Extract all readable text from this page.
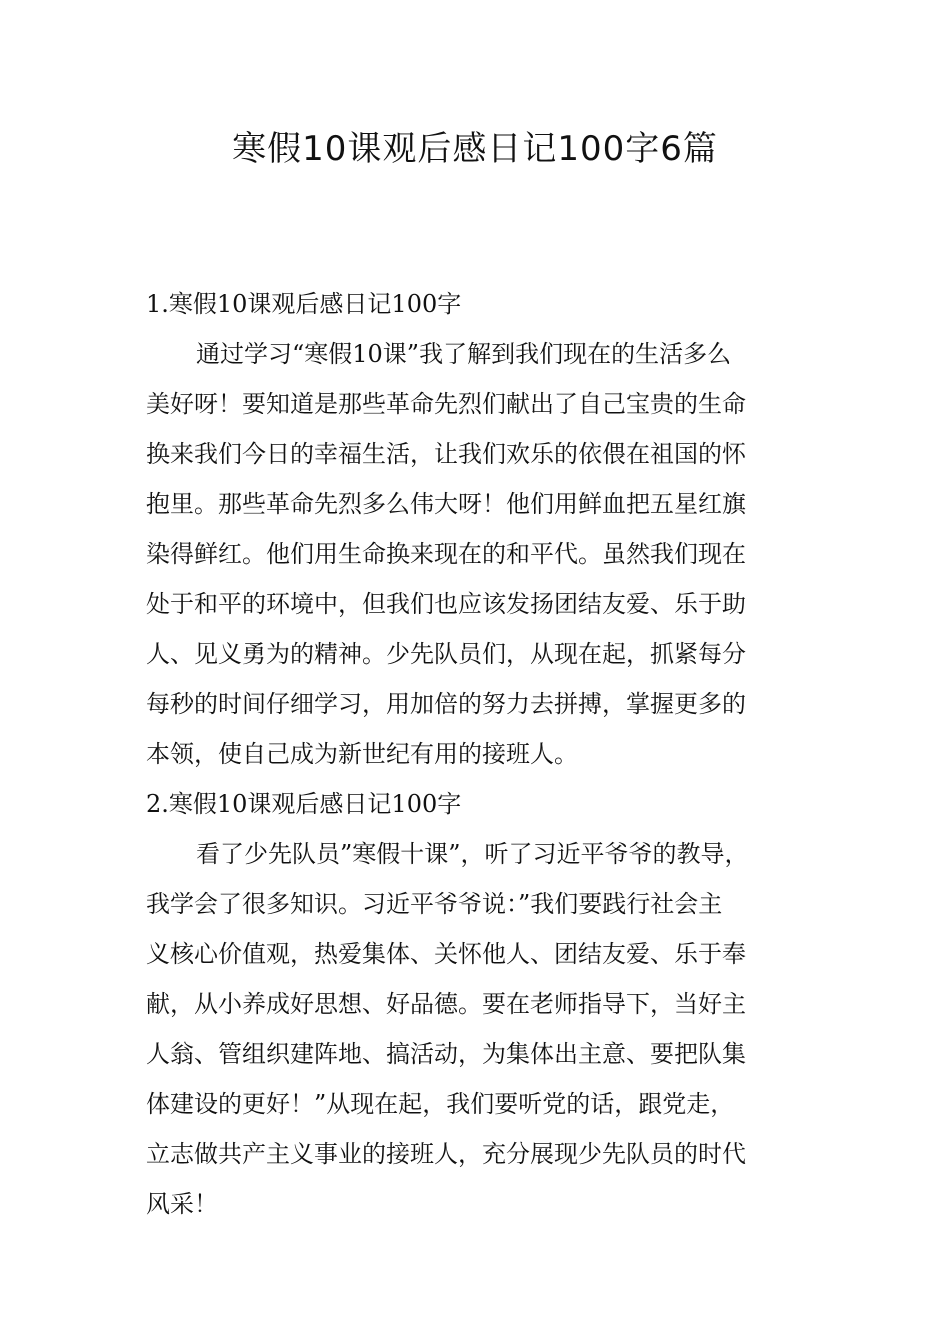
寒假10课观后感日记100字6篇
1.寒假10课观后感日记100字

通过学习“寒假10课”我了解到我们现在的生活多么
美好呀！要知道是那些革命先烈们献出了自己宝贵的生命
换来我们今日的幸福生活，让我们欢乐的依偎在祖国的怀
抱里。那些革命先烈多么伟大呀！他们用鲜血把五星红旗
染得鲜红。他们用生命换来现在的和平代。虽然我们现在
处于和平的环境中，但我们也应该发扬团结友爱、乐于助
人、见义勇为的精神。少先队员们，从现在起，抓紧每分
每秒的时间仔细学习，用加倍的努力去拼搏，掌握更多的
本领，使自己成为新世纪有用的接班人。

2.寒假10课观后感日记100字

看了少先队员”寒假十课”，听了习近平爷爷的教导，
我学会了很多知识。习近平爷爷说：”我们要践行社会主
义核心价值观，热爱集体、关怀他人、团结友爱、乐于奉
献，从小养成好思想、好品德。要在老师指导下，当好主
人翁、管组织建阵地、搞活动，为集体出主意、要把队集
体建设的更好！”从现在起，我们要听党的话，跟党走，
立志做共产主义事业的接班人，充分展现少先队员的时代
风采！
